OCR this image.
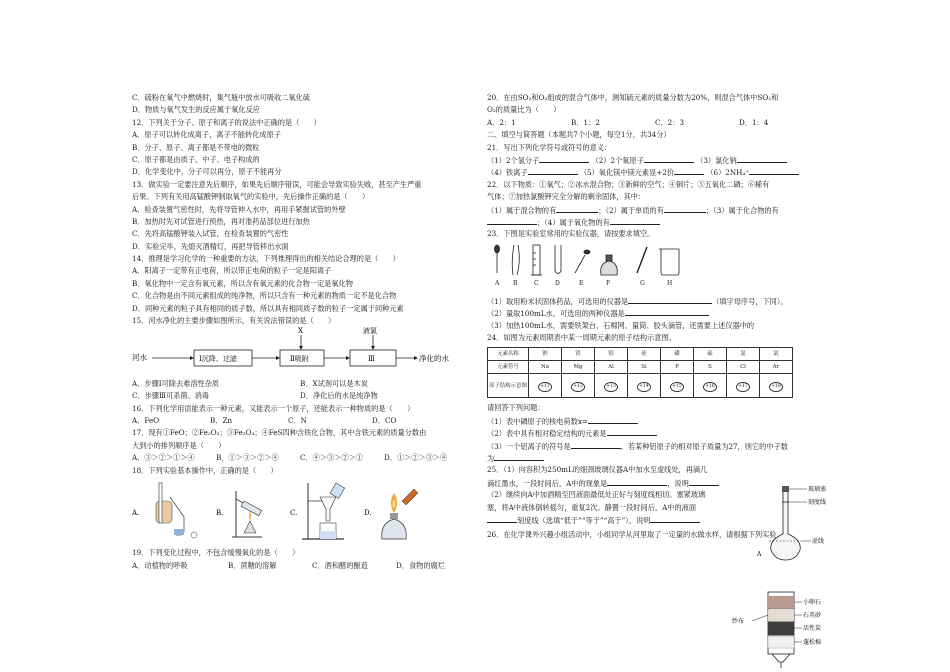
C．硫粉在氧气中燃烧时，集气瓶中放水可吸收二氧化硫
D．物质与氧气发生的反应属于氧化反应
12．下列关于分子、原子和离子的说法中正确的是（　　）
A．原子可以转化成离子，离子不能转化成原子
B．分子、原子、离子都是不带电的微粒
C．原子都是由质子、中子、电子构成的
D．化学变化中，分子可以再分，原子不能再分
13．做实验一定要注意先后顺序，如果先后顺序错误，可能会导致实验失败，甚至产生严重
后果。下列有关用高锰酸钾制取氧气的实验中，先后操作正确的是（　　）
A．检查装置气密性时，先将导管伸入水中，再用手紧握试管的外壁
B．加热时先对试管进行预热，再对准药品部位进行加热
C．先将高锰酸钾装入试管，在检查装置的气密性
D．实验完毕，先熄灭酒精灯，再把导管移出水面
14．推理是学习化学的一种重要的方法，下列推理得出的相关结论合理的是（　　）
A．阳离子一定带有正电荷，所以带正电荷的粒子一定是阳离子
B．氧化物中一定含有氧元素，所以含有氧元素的化合物一定是氧化物
C．化合物是由不同元素组成的纯净物，所以只含有一种元素的物质一定不是化合物
D．同种元素的粒子具有相同的质子数，所以具有相同质子数的粒子一定属于同种元素
15．河水净化的主要步骤如图所示，有关说法错误的是（　　）
河水	Ⅰ沉降、过滤	Ⅱ吸附
X
Ⅲ
液氯
净化的水
A．步骤Ⅰ可除去难溶性杂质	B．X试剂可以是木炭
C．步骤Ⅲ可杀菌、消毒	D．净化后的水是纯净物
16．下列化学用语能表示一种元素，又能表示一个原子，还能表示一种物质的是（　　）
A．FeO	B．Zn	C．N	D．CO
17．现有①FeO；②Fe₂O₃；③Fe₃O₄；④FeS四种含铁化合物，其中含铁元素的质量分数由
大到小的排列顺序是（　　）
A．③＞②＞①＞④	B．①＞③＞②＞④	C．④＞③＞②＞①	D．①＞②＞③＞④
18．下列实验基本操作中，正确的是（　　）
A.	B.	C.	D.
19．下列变化过程中，不包含缓慢氧化的是（　　）
A．动植物的呼吸	B．蔗糖的溶解	C．酒和醋的酿造	D．食物的腐烂
20．在由SO₂和O₂组成的混合气体中，测知硫元素的质量分数为20%，则混合气体中SO₂和
O₂的质量比为（　　）
A．2：1	B．1：2	C．2：3	D．1：4
二、填空与简答题（本题共7个小题，每空1分，共34分）
21．写出下列化学符号或符号的意义：
（1）2个氢分子	（2）2个氧原子	（3）氯化钠
（4）铁离子	（5）氧化镁中镁元素显+2价	（6）2NH₄⁺
22．以下物质：①氧气；②冰水混合物；③新鲜的空气；④铜片；⑤五氧化二磷；⑥稀有
气体；⑦加热氯酸钾完全分解的剩余固体，其中：
（1）属于混合物的有	；（2）属于单质的有	；（3）属于化合物的有
；（4）属于氧化物的有
23．下图是实验室常用的实验仪器，请按要求填空。
A B	C	D	E	F	G	H
（1）取用粉末状固体药品，可选用的仪器是	（填字母序号，下同）。
（2）量取100mL水，可选用的两种仪器是
（3）加热100mL水，需要铁架台、石棉网、量筒、胶头滴管，还需要上述仪器中的
24．如图为元素周期表中某一周期元素的原子结构示意图。
元素名称	钠	镁	铝	硅	磷	硫	氯	氩
元素符号	Na	Mg	Al	Si	P	S	Cl	Ar
原子结构示意图	+11	+12	+13	+14	+15	+16	+17	+18
请回答下列问题：
（1）表中磷原子的核电荷数x=
（2）表中具有相对稳定结构的元素是
（3）一个铝离子的符号是	。若某种铝原子的相对原子质量为27，则它的中子数
为
25．（1）向容积为250mL的细颈玻璃仪器A中加水至虚线处，再滴几
滴红墨水，一段时间后，A中的现象是	，说明
（2）继续向A中加酒精至凹液面最低处正好与刻度线相切。塞紧玻璃
塞，将A中液体倒转摇匀，重复2次。静置一段时间后，A中的液面
刻度线（选填“低于”“等于”“高于”），说明
26．在化学课外兴趣小组活动中，小组同学从河里取了一定量的水做水样，请根据下列实验
玻璃塞
刻度线
虚线
A
纱布
小卵石
石英砂
活性炭
蓬松棉
